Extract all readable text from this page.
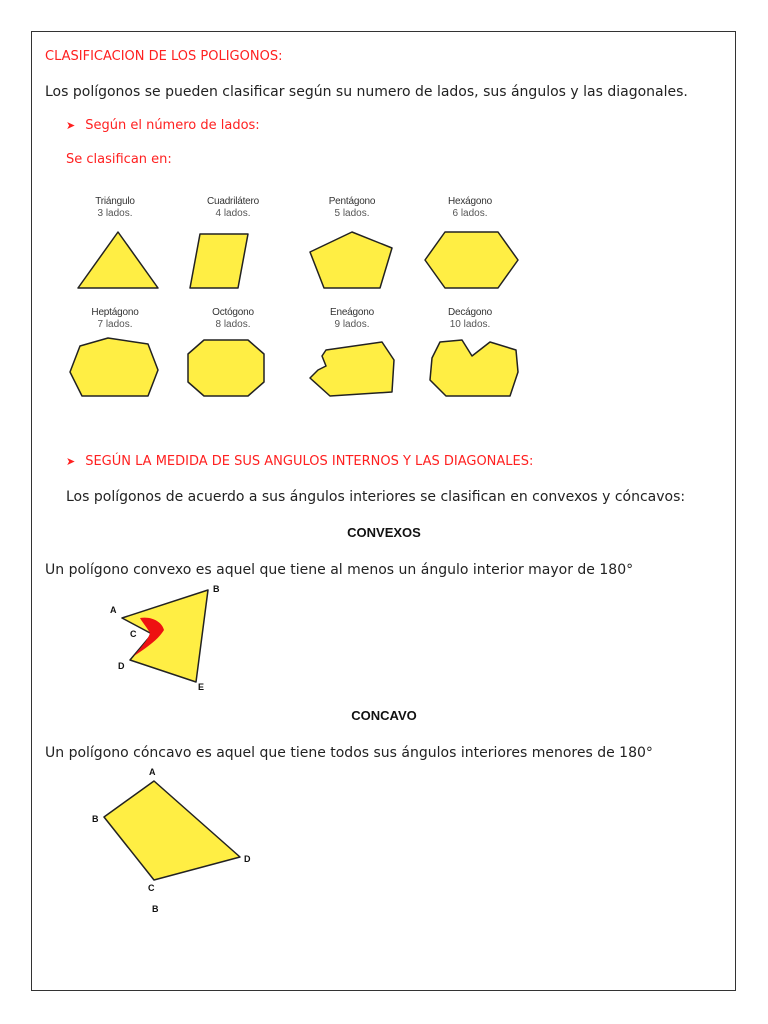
CLASIFICACION DE LOS POLIGONOS:
Los polígonos se pueden clasificar según su numero de lados, sus ángulos y las diagonales.
➤ Según el número de lados:
Se clasifican en:
Triángulo
3 lados.
Cuadrilátero
4 lados.
Pentágono
5 lados.
Hexágono
6 lados.
Heptágono
7 lados.
Octógono
8 lados.
Eneágono
9 lados.
Decágono
10 lados.
➤ SEGÚN LA MEDIDA DE SUS ANGULOS INTERNOS Y LAS DIAGONALES:
Los polígonos de acuerdo a sus ángulos interiores se clasifican en convexos y cóncavos:
CONVEXOS
Un polígono convexo es aquel que tiene al menos un ángulo interior mayor de 180°
A
B
C
D
E
CONCAVO
Un polígono cóncavo es aquel que tiene todos sus ángulos interiores menores de 180°
A
B
C
D
B
